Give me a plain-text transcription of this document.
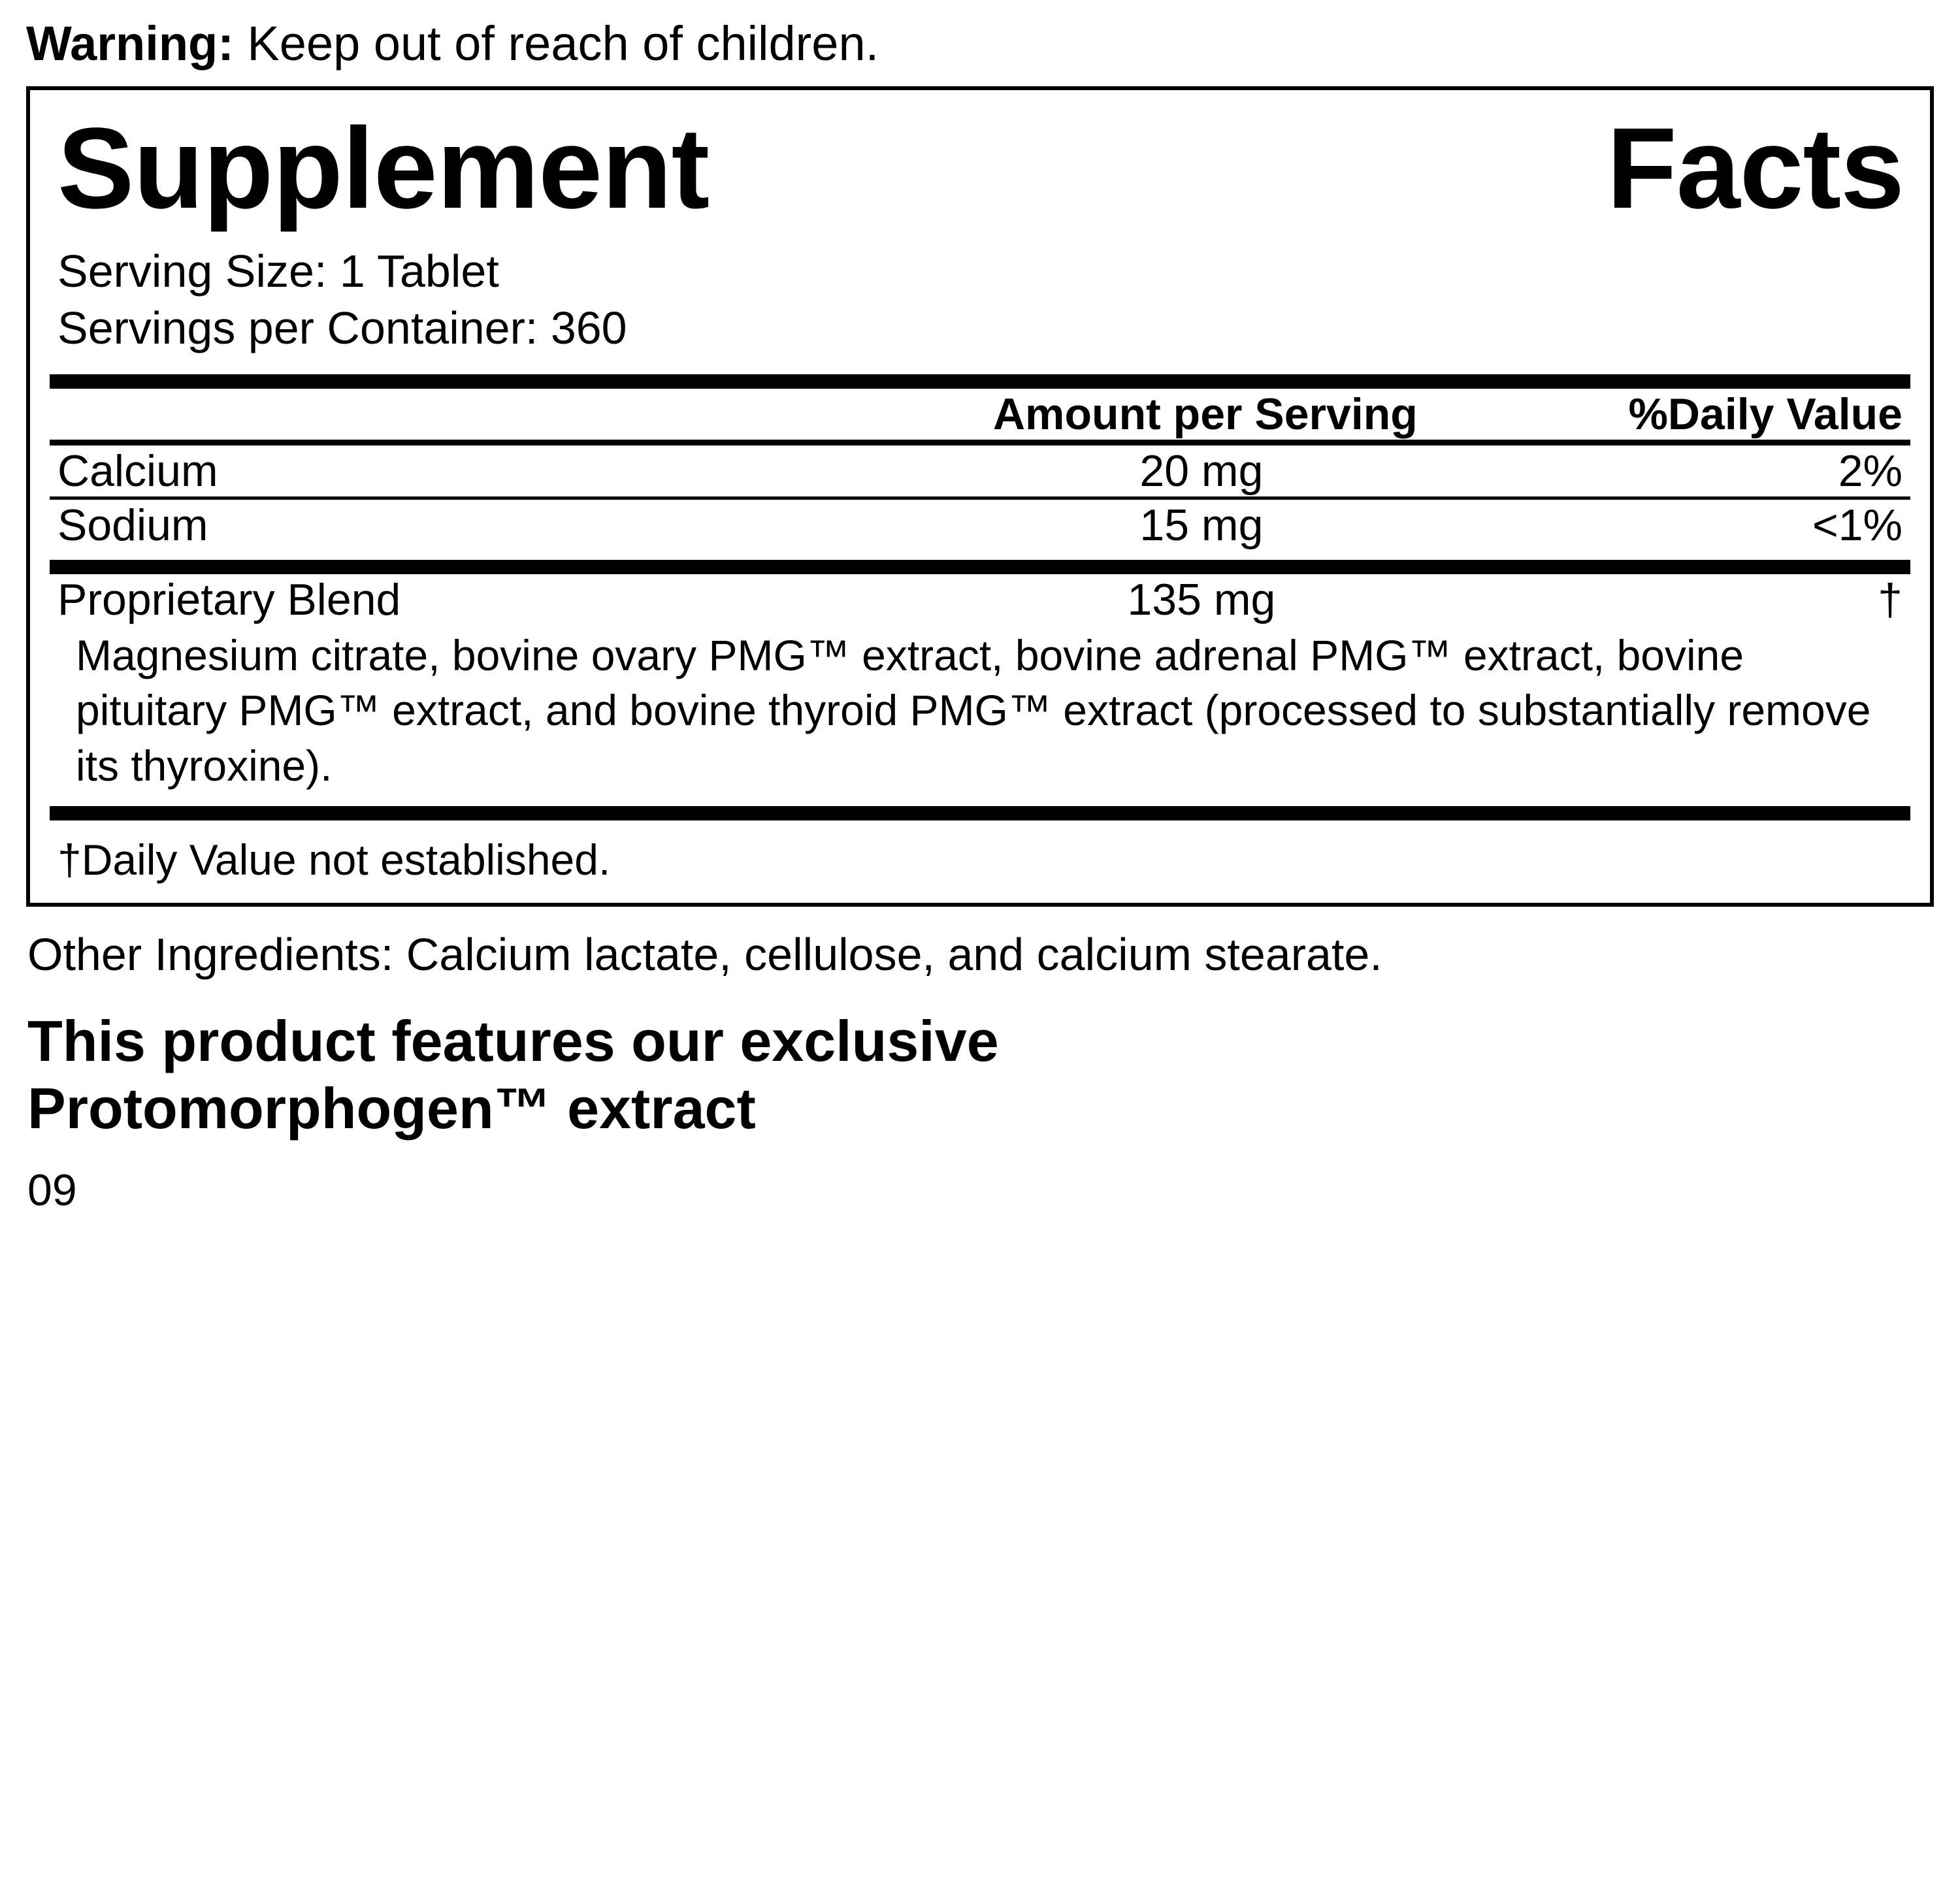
Warning: Keep out of reach of children.
Supplement	Facts
Serving Size: 1 Tablet
Servings per Container: 360
	Amount per Serving	%Daily Value
Calcium	20 mg	2%
Sodium	15 mg	<1%
Proprietary Blend	135 mg	†
Magnesium citrate, bovine ovary PMG™ extract, bovine adrenal PMG™ extract, bovine pituitary PMG™ extract, and bovine thyroid PMG™ extract (processed to substantially remove its thyroxine).
†Daily Value not established.
Other Ingredients: Calcium lactate, cellulose, and calcium stearate.
This product features our exclusive
Protomorphogen™ extract
09
